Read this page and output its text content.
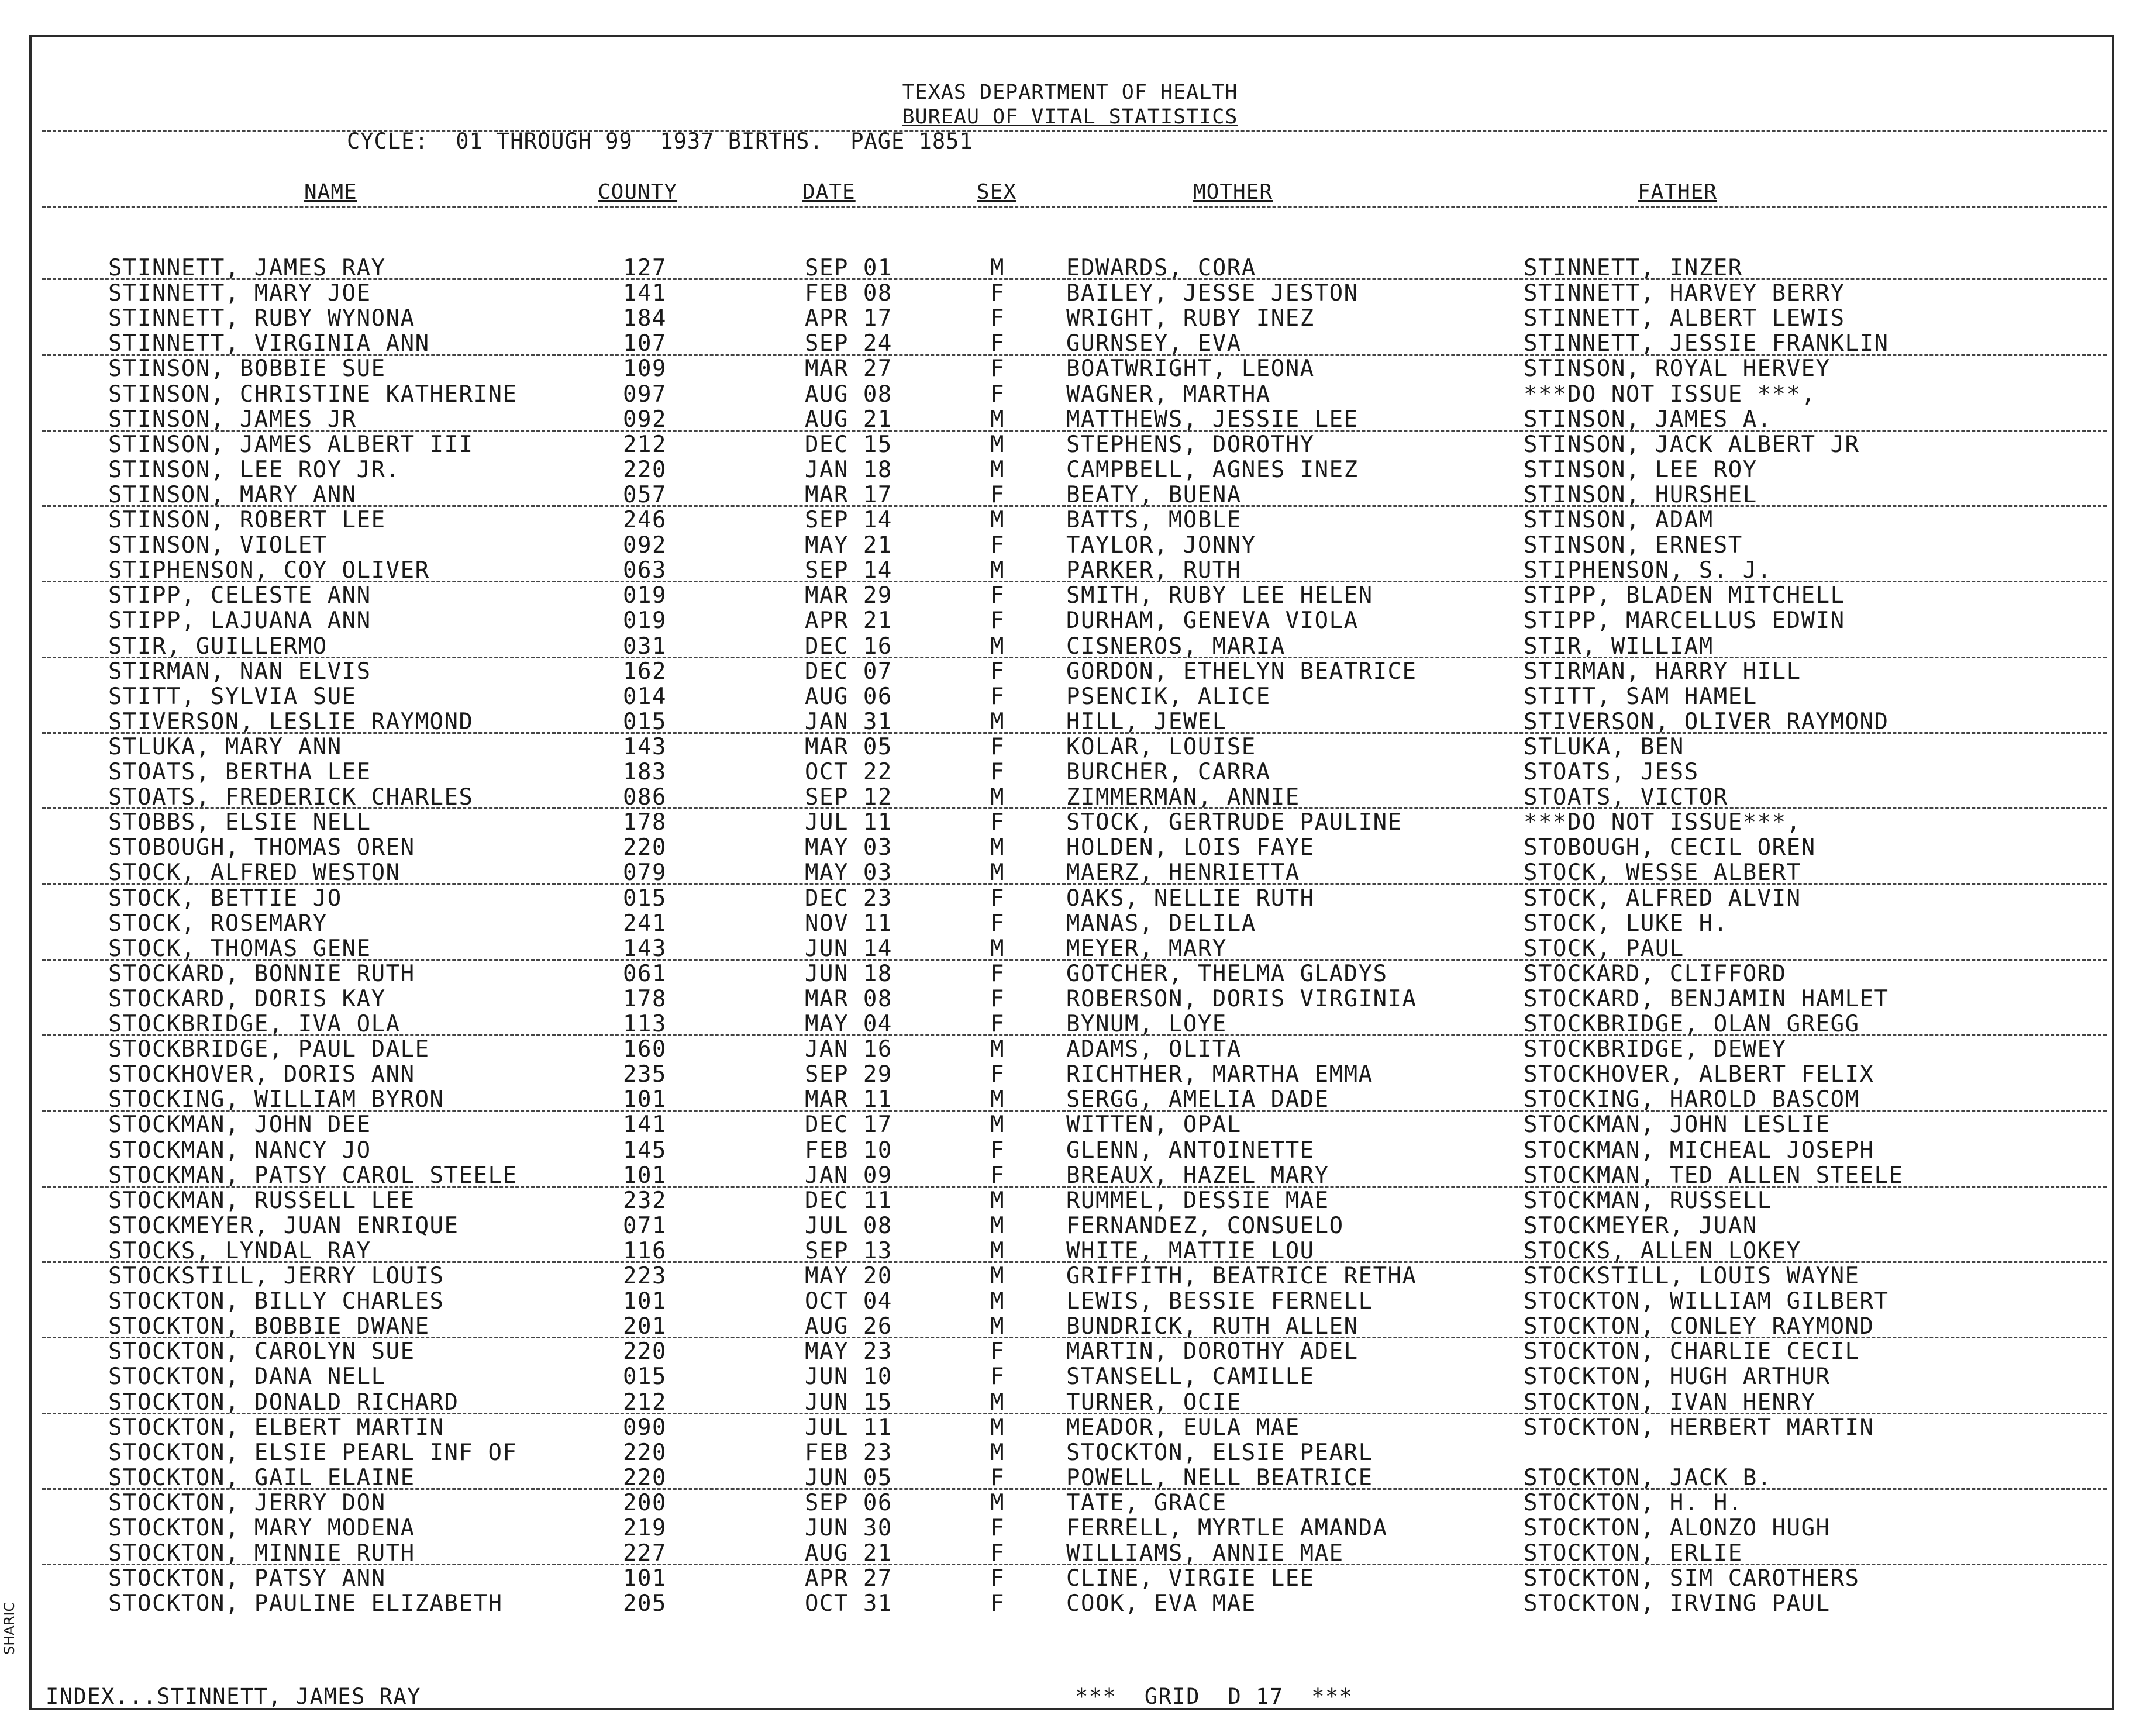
TEXAS DEPARTMENT OF HEALTH
BUREAU OF VITAL STATISTICS
CYCLE:  01 THROUGH 99  1937 BIRTHS.  PAGE 1851
NAME	COUNTY	DATE	SEX	MOTHER	FATHER
STINNETT, JAMES RAY	127	SEP 01	M	EDWARDS, CORA	STINNETT, INZER
STINNETT, MARY JOE	141	FEB 08	F	BAILEY, JESSE JESTON	STINNETT, HARVEY BERRY
STINNETT, RUBY WYNONA	184	APR 17	F	WRIGHT, RUBY INEZ	STINNETT, ALBERT LEWIS
STINNETT, VIRGINIA ANN	107	SEP 24	F	GURNSEY, EVA	STINNETT, JESSIE FRANKLIN
STINSON, BOBBIE SUE	109	MAR 27	F	BOATWRIGHT, LEONA	STINSON, ROYAL HERVEY
STINSON, CHRISTINE KATHERINE	097	AUG 08	F	WAGNER, MARTHA	***DO NOT ISSUE ***,
STINSON, JAMES JR	092	AUG 21	M	MATTHEWS, JESSIE LEE	STINSON, JAMES A.
STINSON, JAMES ALBERT III	212	DEC 15	M	STEPHENS, DOROTHY	STINSON, JACK ALBERT JR
STINSON, LEE ROY JR.	220	JAN 18	M	CAMPBELL, AGNES INEZ	STINSON, LEE ROY
STINSON, MARY ANN	057	MAR 17	F	BEATY, BUENA	STINSON, HURSHEL
STINSON, ROBERT LEE	246	SEP 14	M	BATTS, MOBLE	STINSON, ADAM
STINSON, VIOLET	092	MAY 21	F	TAYLOR, JONNY	STINSON, ERNEST
STIPHENSON, COY OLIVER	063	SEP 14	M	PARKER, RUTH	STIPHENSON, S. J.
STIPP, CELESTE ANN	019	MAR 29	F	SMITH, RUBY LEE HELEN	STIPP, BLADEN MITCHELL
STIPP, LAJUANA ANN	019	APR 21	F	DURHAM, GENEVA VIOLA	STIPP, MARCELLUS EDWIN
STIR, GUILLERMO	031	DEC 16	M	CISNEROS, MARIA	STIR, WILLIAM
STIRMAN, NAN ELVIS	162	DEC 07	F	GORDON, ETHELYN BEATRICE	STIRMAN, HARRY HILL
STITT, SYLVIA SUE	014	AUG 06	F	PSENCIK, ALICE	STITT, SAM HAMEL
STIVERSON, LESLIE RAYMOND	015	JAN 31	M	HILL, JEWEL	STIVERSON, OLIVER RAYMOND
STLUKA, MARY ANN	143	MAR 05	F	KOLAR, LOUISE	STLUKA, BEN
STOATS, BERTHA LEE	183	OCT 22	F	BURCHER, CARRA	STOATS, JESS
STOATS, FREDERICK CHARLES	086	SEP 12	M	ZIMMERMAN, ANNIE	STOATS, VICTOR
STOBBS, ELSIE NELL	178	JUL 11	F	STOCK, GERTRUDE PAULINE	***DO NOT ISSUE***,
STOBOUGH, THOMAS OREN	220	MAY 03	M	HOLDEN, LOIS FAYE	STOBOUGH, CECIL OREN
STOCK, ALFRED WESTON	079	MAY 03	M	MAERZ, HENRIETTA	STOCK, WESSE ALBERT
STOCK, BETTIE JO	015	DEC 23	F	OAKS, NELLIE RUTH	STOCK, ALFRED ALVIN
STOCK, ROSEMARY	241	NOV 11	F	MANAS, DELILA	STOCK, LUKE H.
STOCK, THOMAS GENE	143	JUN 14	M	MEYER, MARY	STOCK, PAUL
STOCKARD, BONNIE RUTH	061	JUN 18	F	GOTCHER, THELMA GLADYS	STOCKARD, CLIFFORD
STOCKARD, DORIS KAY	178	MAR 08	F	ROBERSON, DORIS VIRGINIA	STOCKARD, BENJAMIN HAMLET
STOCKBRIDGE, IVA OLA	113	MAY 04	F	BYNUM, LOYE	STOCKBRIDGE, OLAN GREGG
STOCKBRIDGE, PAUL DALE	160	JAN 16	M	ADAMS, OLITA	STOCKBRIDGE, DEWEY
STOCKHOVER, DORIS ANN	235	SEP 29	F	RICHTHER, MARTHA EMMA	STOCKHOVER, ALBERT FELIX
STOCKING, WILLIAM BYRON	101	MAR 11	M	SERGG, AMELIA DADE	STOCKING, HAROLD BASCOM
STOCKMAN, JOHN DEE	141	DEC 17	M	WITTEN, OPAL	STOCKMAN, JOHN LESLIE
STOCKMAN, NANCY JO	145	FEB 10	F	GLENN, ANTOINETTE	STOCKMAN, MICHEAL JOSEPH
STOCKMAN, PATSY CAROL STEELE	101	JAN 09	F	BREAUX, HAZEL MARY	STOCKMAN, TED ALLEN STEELE
STOCKMAN, RUSSELL LEE	232	DEC 11	M	RUMMEL, DESSIE MAE	STOCKMAN, RUSSELL
STOCKMEYER, JUAN ENRIQUE	071	JUL 08	M	FERNANDEZ, CONSUELO	STOCKMEYER, JUAN
STOCKS, LYNDAL RAY	116	SEP 13	M	WHITE, MATTIE LOU	STOCKS, ALLEN LOKEY
STOCKSTILL, JERRY LOUIS	223	MAY 20	M	GRIFFITH, BEATRICE RETHA	STOCKSTILL, LOUIS WAYNE
STOCKTON, BILLY CHARLES	101	OCT 04	M	LEWIS, BESSIE FERNELL	STOCKTON, WILLIAM GILBERT
STOCKTON, BOBBIE DWANE	201	AUG 26	M	BUNDRICK, RUTH ALLEN	STOCKTON, CONLEY RAYMOND
STOCKTON, CAROLYN SUE	220	MAY 23	F	MARTIN, DOROTHY ADEL	STOCKTON, CHARLIE CECIL
STOCKTON, DANA NELL	015	JUN 10	F	STANSELL, CAMILLE	STOCKTON, HUGH ARTHUR
STOCKTON, DONALD RICHARD	212	JUN 15	M	TURNER, OCIE	STOCKTON, IVAN HENRY
STOCKTON, ELBERT MARTIN	090	JUL 11	M	MEADOR, EULA MAE	STOCKTON, HERBERT MARTIN
STOCKTON, ELSIE PEARL INF OF	220	FEB 23	M	STOCKTON, ELSIE PEARL
STOCKTON, GAIL ELAINE	220	JUN 05	F	POWELL, NELL BEATRICE	STOCKTON, JACK B.
STOCKTON, JERRY DON	200	SEP 06	M	TATE, GRACE	STOCKTON, H. H.
STOCKTON, MARY MODENA	219	JUN 30	F	FERRELL, MYRTLE AMANDA	STOCKTON, ALONZO HUGH
STOCKTON, MINNIE RUTH	227	AUG 21	F	WILLIAMS, ANNIE MAE	STOCKTON, ERLIE
STOCKTON, PATSY ANN	101	APR 27	F	CLINE, VIRGIE LEE	STOCKTON, SIM CAROTHERS
STOCKTON, PAULINE ELIZABETH	205	OCT 31	F	COOK, EVA MAE	STOCKTON, IRVING PAUL
INDEX...STINNETT, JAMES RAY	***  GRID  D 17  ***
SHARIC
